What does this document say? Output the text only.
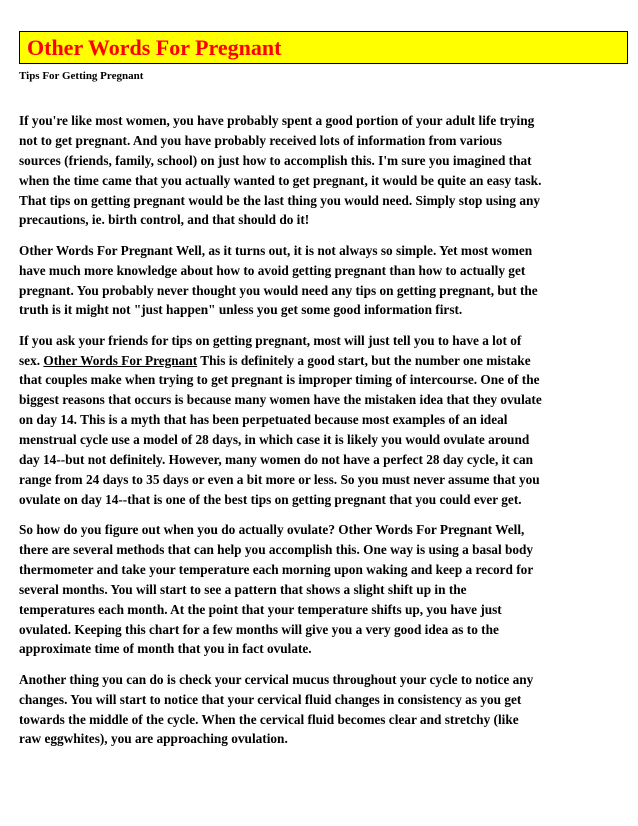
Other Words For Pregnant
Tips For Getting Pregnant
If you're like most women, you have probably spent a good portion of your adult life trying
not to get pregnant. And you have probably received lots of information from various
sources (friends, family, school) on just how to accomplish this. I'm sure you imagined that
when the time came that you actually wanted to get pregnant, it would be quite an easy task.
That tips on getting pregnant would be the last thing you would need. Simply stop using any
precautions, ie. birth control, and that should do it!
Other Words For Pregnant Well, as it turns out, it is not always so simple. Yet most women
have much more knowledge about how to avoid getting pregnant than how to actually get
pregnant. You probably never thought you would need any tips on getting pregnant, but the
truth is it might not "just happen" unless you get some good information first.
If you ask your friends for tips on getting pregnant, most will just tell you to have a lot of
sex. Other Words For Pregnant This is definitely a good start, but the number one mistake
that couples make when trying to get pregnant is improper timing of intercourse. One of the
biggest reasons that occurs is because many women have the mistaken idea that they ovulate
on day 14. This is a myth that has been perpetuated because most examples of an ideal
menstrual cycle use a model of 28 days, in which case it is likely you would ovulate around
day 14--but not definitely. However, many women do not have a perfect 28 day cycle, it can
range from 24 days to 35 days or even a bit more or less. So you must never assume that you
ovulate on day 14--that is one of the best tips on getting pregnant that you could ever get.
So how do you figure out when you do actually ovulate? Other Words For Pregnant Well,
there are several methods that can help you accomplish this. One way is using a basal body
thermometer and take your temperature each morning upon waking and keep a record for
several months. You will start to see a pattern that shows a slight shift up in the
temperatures each month. At the point that your temperature shifts up, you have just
ovulated. Keeping this chart for a few months will give you a very good idea as to the
approximate time of month that you in fact ovulate.
Another thing you can do is check your cervical mucus throughout your cycle to notice any
changes. You will start to notice that your cervical fluid changes in consistency as you get
towards the middle of the cycle. When the cervical fluid becomes clear and stretchy (like
raw eggwhites), you are approaching ovulation.
